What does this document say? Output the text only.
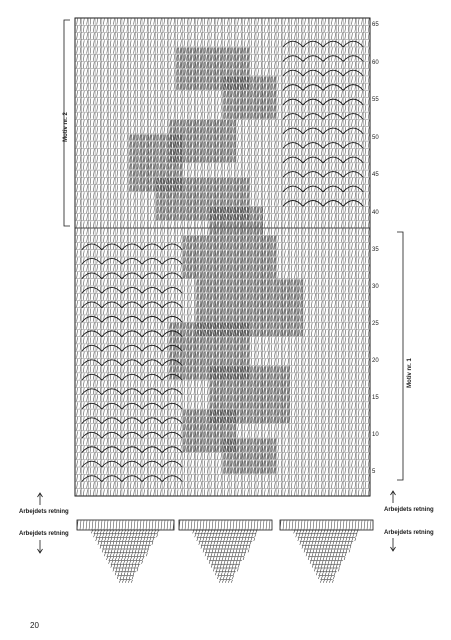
65
60
55
50
45
40
35
30
25
20
15
10
5
Motiv nr. 2
Motiv nr. 1
Arbejdets retning
Arbejdets retning
Arbejdets retning
Arbejdets retning
20
